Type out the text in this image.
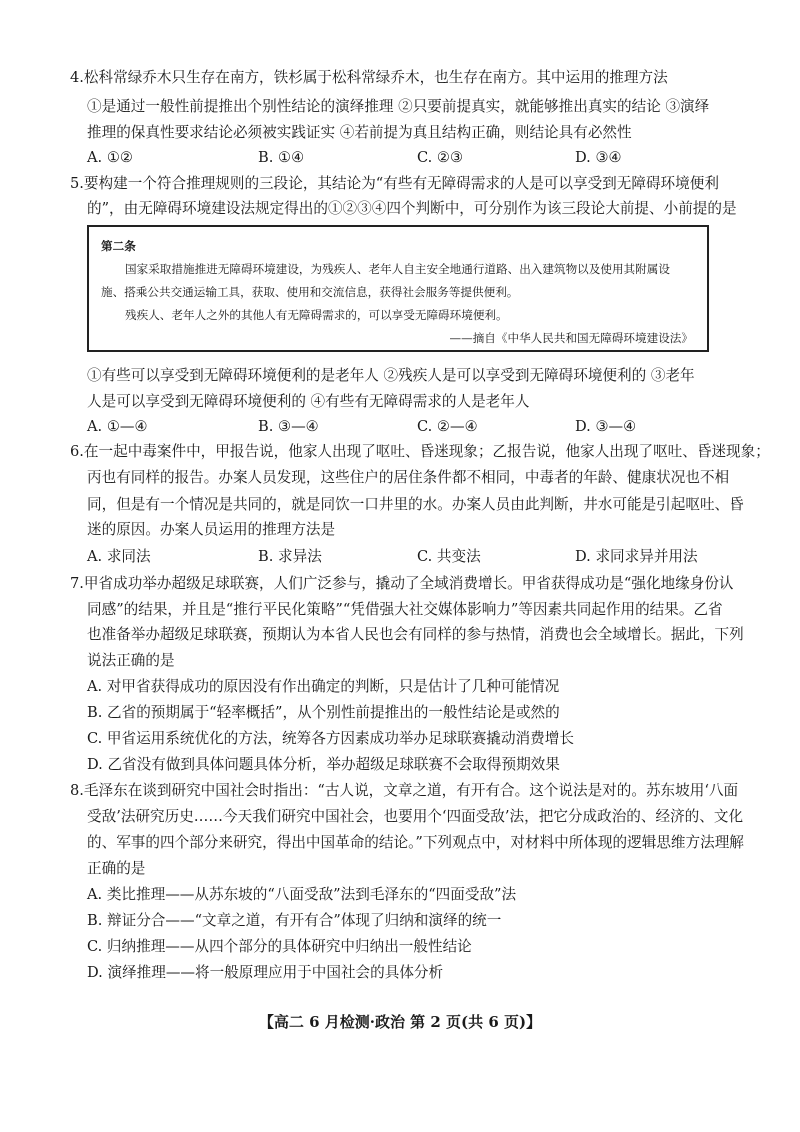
4.松科常绿乔木只生存在南方，铁杉属于松科常绿乔木，也生存在南方。其中运用的推理方法
①是通过一般性前提推出个别性结论的演绎推理 ②只要前提真实，就能够推出真实的结论 ③演绎
推理的保真性要求结论必须被实践证实 ④若前提为真且结构正确，则结论具有必然性
A. ①②	B. ①④	C. ②③	D. ③④
5.要构建一个符合推理规则的三段论，其结论为“有些有无障碍需求的人是可以享受到无障碍环境便利
的”，由无障碍环境建设法规定得出的①②③④四个判断中，可分别作为该三段论大前提、小前提的是
第二条
国家采取措施推进无障碍环境建设，为残疾人、老年人自主安全地通行道路、出入建筑物以及使用其附属设施、搭乘公共交通运输工具，获取、使用和交流信息，获得社会服务等提供便利。
残疾人、老年人之外的其他人有无障碍需求的，可以享受无障碍环境便利。
——摘自《中华人民共和国无障碍环境建设法》
①有些可以享受到无障碍环境便利的是老年人 ②残疾人是可以享受到无障碍环境便利的 ③老年
人是可以享受到无障碍环境便利的 ④有些有无障碍需求的人是老年人
A. ①—④	B. ③—④	C. ②—④	D. ③—④
6.在一起中毒案件中，甲报告说，他家人出现了呕吐、昏迷现象；乙报告说，他家人出现了呕吐、昏迷现象；
丙也有同样的报告。办案人员发现，这些住户的居住条件都不相同，中毒者的年龄、健康状况也不相
同，但是有一个情况是共同的，就是同饮一口井里的水。办案人员由此判断，井水可能是引起呕吐、昏
迷的原因。办案人员运用的推理方法是
A. 求同法	B. 求异法	C. 共变法	D. 求同求异并用法
7.甲省成功举办超级足球联赛，人们广泛参与，撬动了全域消费增长。甲省获得成功是“强化地缘身份认
同感”的结果，并且是“推行平民化策略”“凭借强大社交媒体影响力”等因素共同起作用的结果。乙省
也准备举办超级足球联赛，预期认为本省人民也会有同样的参与热情，消费也会全域增长。据此，下列
说法正确的是
A. 对甲省获得成功的原因没有作出确定的判断，只是估计了几种可能情况
B. 乙省的预期属于“轻率概括”，从个别性前提推出的一般性结论是或然的
C. 甲省运用系统优化的方法，统筹各方因素成功举办足球联赛撬动消费增长
D. 乙省没有做到具体问题具体分析，举办超级足球联赛不会取得预期效果
8.毛泽东在谈到研究中国社会时指出：“古人说，文章之道，有开有合。这个说法是对的。苏东坡用‘八面
受敌’法研究历史……今天我们研究中国社会，也要用个‘四面受敌’法，把它分成政治的、经济的、文化
的、军事的四个部分来研究，得出中国革命的结论。”下列观点中，对材料中所体现的逻辑思维方法理解
正确的是
A. 类比推理——从苏东坡的“八面受敌”法到毛泽东的“四面受敌”法
B. 辩证分合——“文章之道，有开有合”体现了归纳和演绎的统一
C. 归纳推理——从四个部分的具体研究中归纳出一般性结论
D. 演绎推理——将一般原理应用于中国社会的具体分析
【高二 6 月检测·政治 第 2 页(共 6 页)】
